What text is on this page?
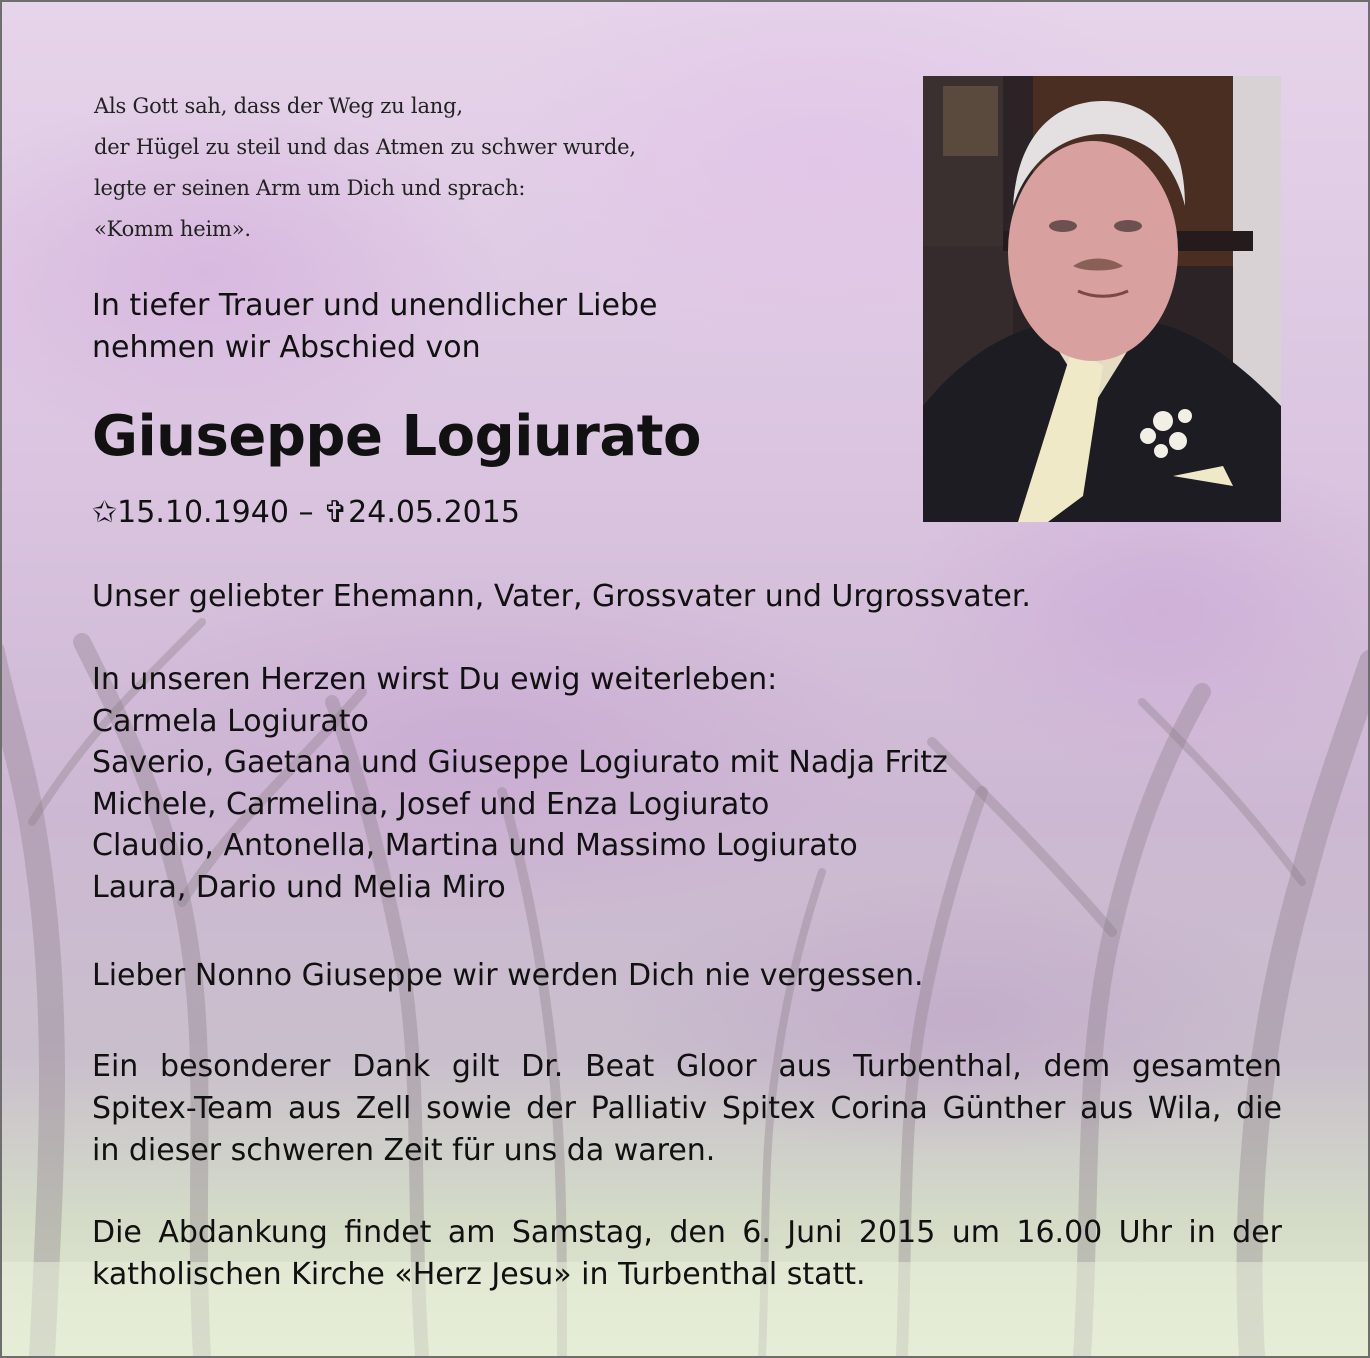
Als Gott sah, dass der Weg zu lang,
der Hügel zu steil und das Atmen zu schwer wurde,
legte er seinen Arm um Dich und sprach:
«Komm heim».
In tiefer Trauer und unendlicher Liebe
nehmen wir Abschied von
Giuseppe Logiurato
✩15.10.1940 – ✞24.05.2015
Unser geliebter Ehemann, Vater, Grossvater und Urgrossvater.
In unseren Herzen wirst Du ewig weiterleben:
Carmela Logiurato
Saverio, Gaetana und Giuseppe Logiurato mit Nadja Fritz
Michele, Carmelina, Josef und Enza Logiurato
Claudio, Antonella, Martina und Massimo Logiurato
Laura, Dario und Melia Miro
Lieber Nonno Giuseppe wir werden Dich nie vergessen.
Ein besonderer Dank gilt Dr. Beat Gloor aus Turbenthal, dem gesamten
Spitex-Team aus Zell sowie der Palliativ Spitex Corina Günther aus Wila, die
in dieser schweren Zeit für uns da waren.
Die Abdankung findet am Samstag, den 6. Juni 2015 um 16.00 Uhr in der
katholischen Kirche «Herz Jesu» in Turbenthal statt.
